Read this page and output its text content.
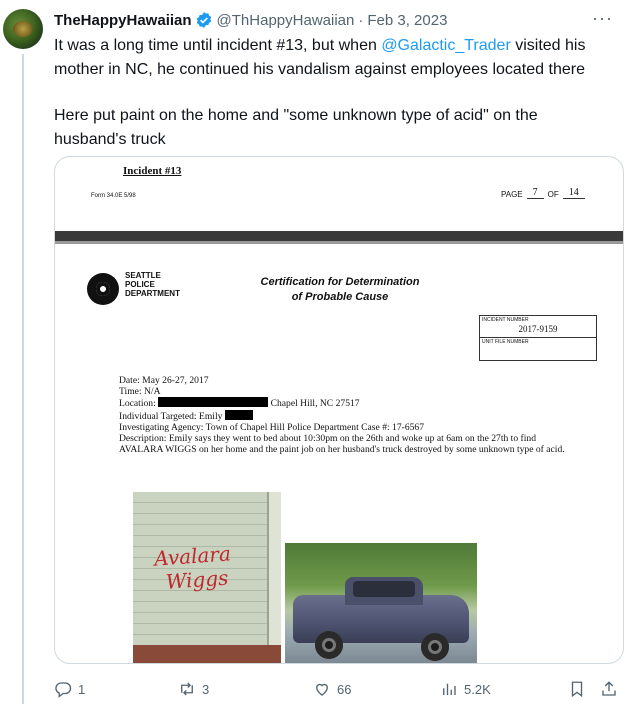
TheHappyHawaiian @ThHappyHawaiian · Feb 3, 2023	···

It was a long time until incident #13, but when @Galactic_Trader visited his mother in NC, he continued his vandalism against employees located there

Here put paint on the home and "some unknown type of acid" on the husband's truck

Incident #13
Form 34.0E 5/98	PAGE	7	OF	14
SEATTLE
POLICE
DEPARTMENT
Certification for Determination
of Probable Cause
INCIDENT NUMBER
2017-9159
UNIT FILE NUMBER
Date: May 26-27, 2017
Time: N/A
Location:	Chapel Hill, NC 27517
Individual Targeted: Emily
Investigating Agency: Town of Chapel Hill Police Department Case #: 17-6567
Description: Emily says they went to bed about 10:30pm on the 26th and woke up at 6am on the 27th to find AVALARA WIGGS on her home and the paint job on her husband's truck destroyed by some unknown type of acid.
Avalara
Wiggs
1	3	66	5.2K
